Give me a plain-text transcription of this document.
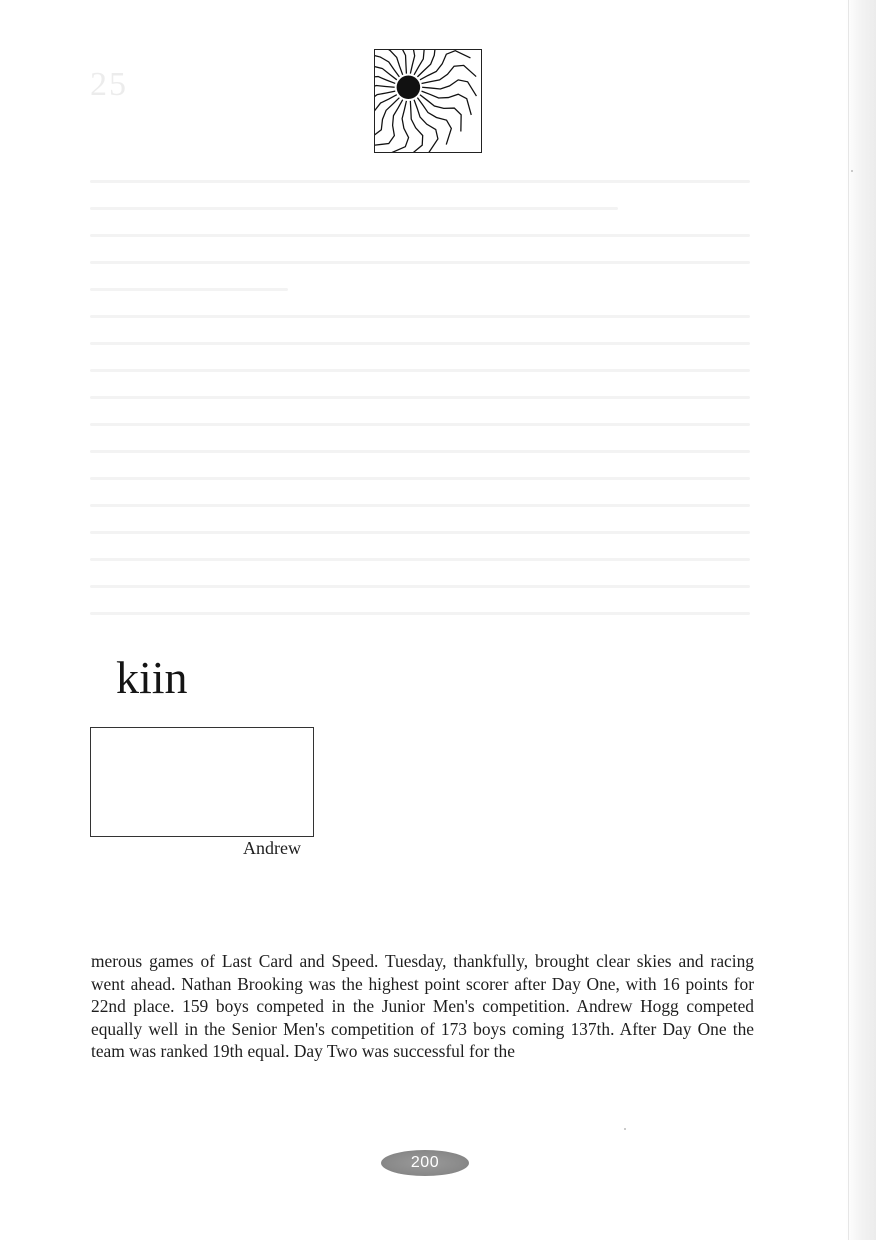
25
kiin
Andrew

merous games of Last Card and Speed. Tuesday, thankfully, brought clear skies and racing went ahead. Nathan Brooking was the highest point scorer after Day One, with 16 points for 22nd place. 159 boys competed in the Junior Men's competition. Andrew Hogg competed equally well in the Senior Men's competition of 173 boys coming 137th. After Day One the team was ranked 19th equal. Day Two was successful for the

200
